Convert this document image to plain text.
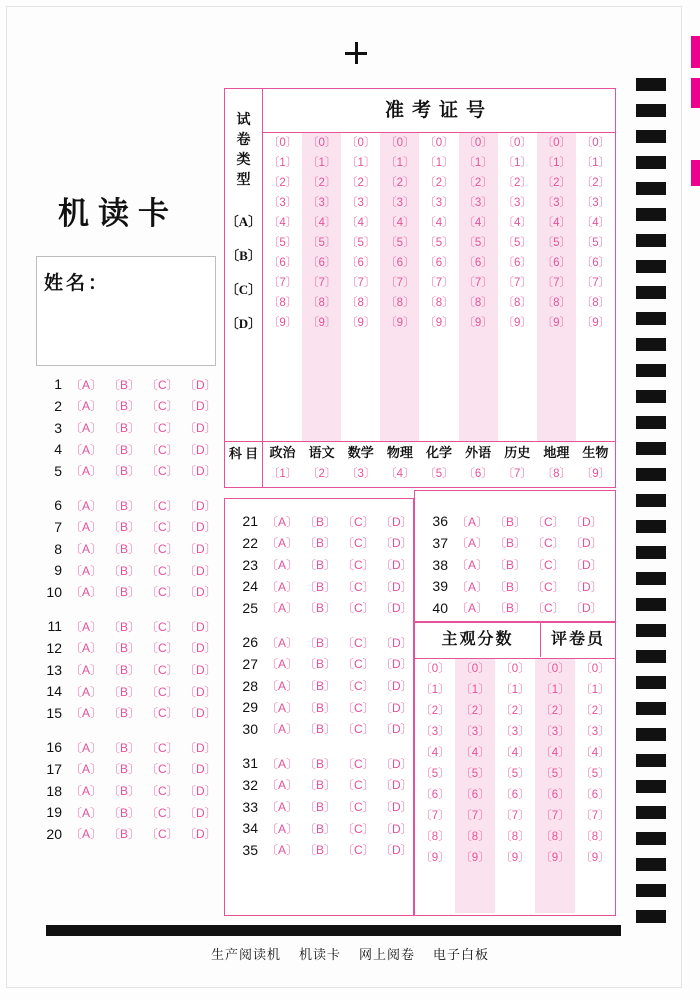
机读卡
姓名：
试
卷
类
型
〔A〕
〔B〕
〔C〕
〔D〕
准考证号
〔0〕
〔1〕
〔2〕
〔3〕
〔4〕
〔5〕
〔6〕
〔7〕
〔8〕
〔9〕
〔0〕
〔1〕
〔2〕
〔3〕
〔4〕
〔5〕
〔6〕
〔7〕
〔8〕
〔9〕
〔0〕
〔1〕
〔2〕
〔3〕
〔4〕
〔5〕
〔6〕
〔7〕
〔8〕
〔9〕
〔0〕
〔1〕
〔2〕
〔3〕
〔4〕
〔5〕
〔6〕
〔7〕
〔8〕
〔9〕
〔0〕
〔1〕
〔2〕
〔3〕
〔4〕
〔5〕
〔6〕
〔7〕
〔8〕
〔9〕
〔0〕
〔1〕
〔2〕
〔3〕
〔4〕
〔5〕
〔6〕
〔7〕
〔8〕
〔9〕
〔0〕
〔1〕
〔2〕
〔3〕
〔4〕
〔5〕
〔6〕
〔7〕
〔8〕
〔9〕
〔0〕
〔1〕
〔2〕
〔3〕
〔4〕
〔5〕
〔6〕
〔7〕
〔8〕
〔9〕
〔0〕
〔1〕
〔2〕
〔3〕
〔4〕
〔5〕
〔6〕
〔7〕
〔8〕
〔9〕
科 目 政治
〔1〕
语文
〔2〕
数学
〔3〕
物理
〔4〕
化学
〔5〕
外语
〔6〕
历史
〔7〕
地理
〔8〕
生物
〔9〕
1 〔A〕 〔B〕 〔C〕 〔D〕
2 〔A〕 〔B〕 〔C〕 〔D〕
3 〔A〕 〔B〕 〔C〕 〔D〕
4 〔A〕 〔B〕 〔C〕 〔D〕
5 〔A〕 〔B〕 〔C〕 〔D〕
6 〔A〕 〔B〕 〔C〕 〔D〕
7 〔A〕 〔B〕 〔C〕 〔D〕
8 〔A〕 〔B〕 〔C〕 〔D〕
9 〔A〕 〔B〕 〔C〕 〔D〕
10 〔A〕 〔B〕 〔C〕 〔D〕
11 〔A〕 〔B〕 〔C〕 〔D〕
12 〔A〕 〔B〕 〔C〕 〔D〕
13 〔A〕 〔B〕 〔C〕 〔D〕
14 〔A〕 〔B〕 〔C〕 〔D〕
15 〔A〕 〔B〕 〔C〕 〔D〕
16 〔A〕 〔B〕 〔C〕 〔D〕
17 〔A〕 〔B〕 〔C〕 〔D〕
18 〔A〕 〔B〕 〔C〕 〔D〕
19 〔A〕 〔B〕 〔C〕 〔D〕
20 〔A〕 〔B〕 〔C〕 〔D〕
21 〔A〕 〔B〕 〔C〕 〔D〕
22 〔A〕 〔B〕 〔C〕 〔D〕
23 〔A〕 〔B〕 〔C〕 〔D〕
24 〔A〕 〔B〕 〔C〕 〔D〕
25 〔A〕 〔B〕 〔C〕 〔D〕
26 〔A〕 〔B〕 〔C〕 〔D〕
27 〔A〕 〔B〕 〔C〕 〔D〕
28 〔A〕 〔B〕 〔C〕 〔D〕
29 〔A〕 〔B〕 〔C〕 〔D〕
30 〔A〕 〔B〕 〔C〕 〔D〕
31 〔A〕 〔B〕 〔C〕 〔D〕
32 〔A〕 〔B〕 〔C〕 〔D〕
33 〔A〕 〔B〕 〔C〕 〔D〕
34 〔A〕 〔B〕 〔C〕 〔D〕
35 〔A〕 〔B〕 〔C〕 〔D〕
36 〔A〕 〔B〕 〔C〕 〔D〕
37 〔A〕 〔B〕 〔C〕 〔D〕
38 〔A〕 〔B〕 〔C〕 〔D〕
39 〔A〕 〔B〕 〔C〕 〔D〕
40 〔A〕 〔B〕 〔C〕 〔D〕
主观分数	评卷员
〔0〕
〔1〕
〔2〕
〔3〕
〔4〕
〔5〕
〔6〕
〔7〕
〔8〕
〔9〕
〔0〕
〔1〕
〔2〕
〔3〕
〔4〕
〔5〕
〔6〕
〔7〕
〔8〕
〔9〕
〔0〕
〔1〕
〔2〕
〔3〕
〔4〕
〔5〕
〔6〕
〔7〕
〔8〕
〔9〕
〔0〕
〔1〕
〔2〕
〔3〕
〔4〕
〔5〕
〔6〕
〔7〕
〔8〕
〔9〕
〔0〕
〔1〕
〔2〕
〔3〕
〔4〕
〔5〕
〔6〕
〔7〕
〔8〕
〔9〕
生产阅读机 机读卡 网上阅卷 电子白板
